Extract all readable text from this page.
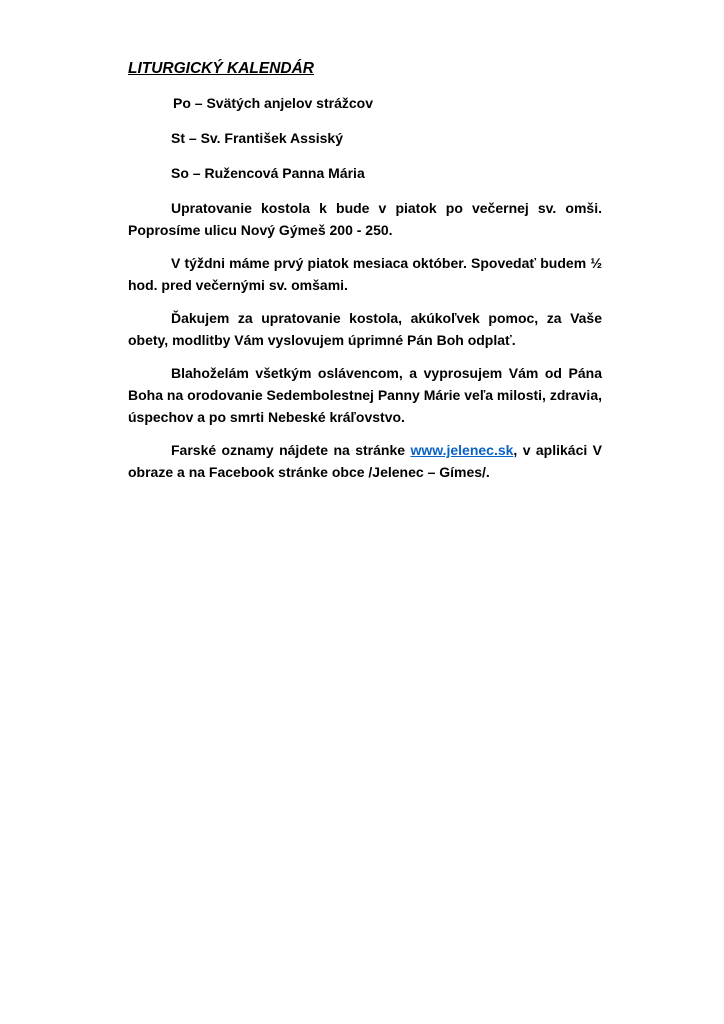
LITURGICKÝ KALENDÁR
Po – Svätých anjelov strážcov
St – Sv. František Assiský
So – Ružencová Panna Mária

Upratovanie kostola k bude v piatok po večernej sv. omši. Poprosíme ulicu Nový Gýmeš 200 - 250.

V týždni máme prvý piatok mesiaca október. Spovedať budem ½ hod. pred večernými sv. omšami.

Ďakujem za upratovanie kostola, akúkoľvek pomoc, za Vaše obety, modlitby Vám vyslovujem úprimné Pán Boh odplať.

Blahoželám všetkým oslávencom, a vyprosujem Vám od Pána Boha na orodovanie Sedembolestnej Panny Márie veľa milosti, zdravia, úspechov a po smrti Nebeské kráľovstvo.

Farské oznamy nájdete na stránke www.jelenec.sk, v aplikáci V obraze a na Facebook stránke obce /Jelenec – Gímes/.
